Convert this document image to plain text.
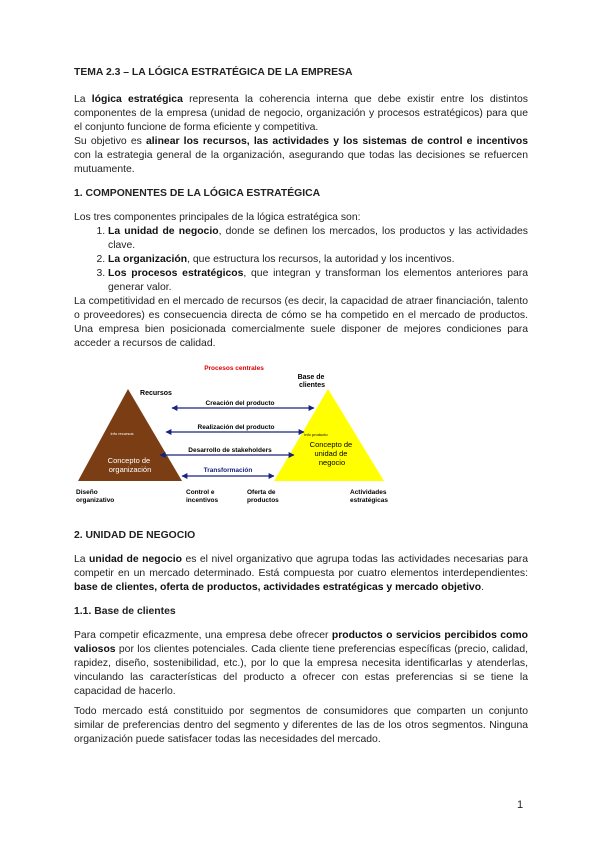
TEMA 2.3 – LA LÓGICA ESTRATÉGICA DE LA EMPRESA

La lógica estratégica representa la coherencia interna que debe existir entre los distintos componentes de la empresa (unidad de negocio, organización y procesos estratégicos) para que el conjunto funcione de forma eficiente y competitiva.

Su objetivo es alinear los recursos, las actividades y los sistemas de control e incentivos con la estrategia general de la organización, asegurando que todas las decisiones se refuercen mutuamente.

1. COMPONENTES DE LA LÓGICA ESTRATÉGICA

Los tres componentes principales de la lógica estratégica son:

1. La unidad de negocio, donde se definen los mercados, los productos y las actividades clave.
2. La organización, que estructura los recursos, la autoridad y los incentivos.
3. Los procesos estratégicos, que integran y transforman los elementos anteriores para generar valor.

La competitividad en el mercado de recursos (es decir, la capacidad de atraer financiación, talento o proveedores) es consecuencia directa de cómo se ha competido en el mercado de productos. Una empresa bien posicionada comercialmente suele disponer de mejores condiciones para acceder a recursos de calidad.

Procesos centrales
Recursos
Base de clientes
Creación del producto
Realización del producto
Desarrollo de stakeholders
Transformación
Info recursos
Concepto de organización
info producto
Concepto de unidad de negocio
Diseño organizativo
Control e incentivos
Oferta de productos
Actividades estratégicas
2. UNIDAD DE NEGOCIO

La unidad de negocio es el nivel organizativo que agrupa todas las actividades necesarias para competir en un mercado determinado. Está compuesta por cuatro elementos interdependientes: base de clientes, oferta de productos, actividades estratégicas y mercado objetivo.

1.1. Base de clientes

Para competir eficazmente, una empresa debe ofrecer productos o servicios percibidos como valiosos por los clientes potenciales. Cada cliente tiene preferencias específicas (precio, calidad, rapidez, diseño, sostenibilidad, etc.), por lo que la empresa necesita identificarlas y atenderlas, vinculando las características del producto a ofrecer con estas preferencias si se tiene la capacidad de hacerlo.

Todo mercado está constituido por segmentos de consumidores que comparten un conjunto similar de preferencias dentro del segmento y diferentes de las de los otros segmentos. Ninguna organización puede satisfacer todas las necesidades del mercado.

1
